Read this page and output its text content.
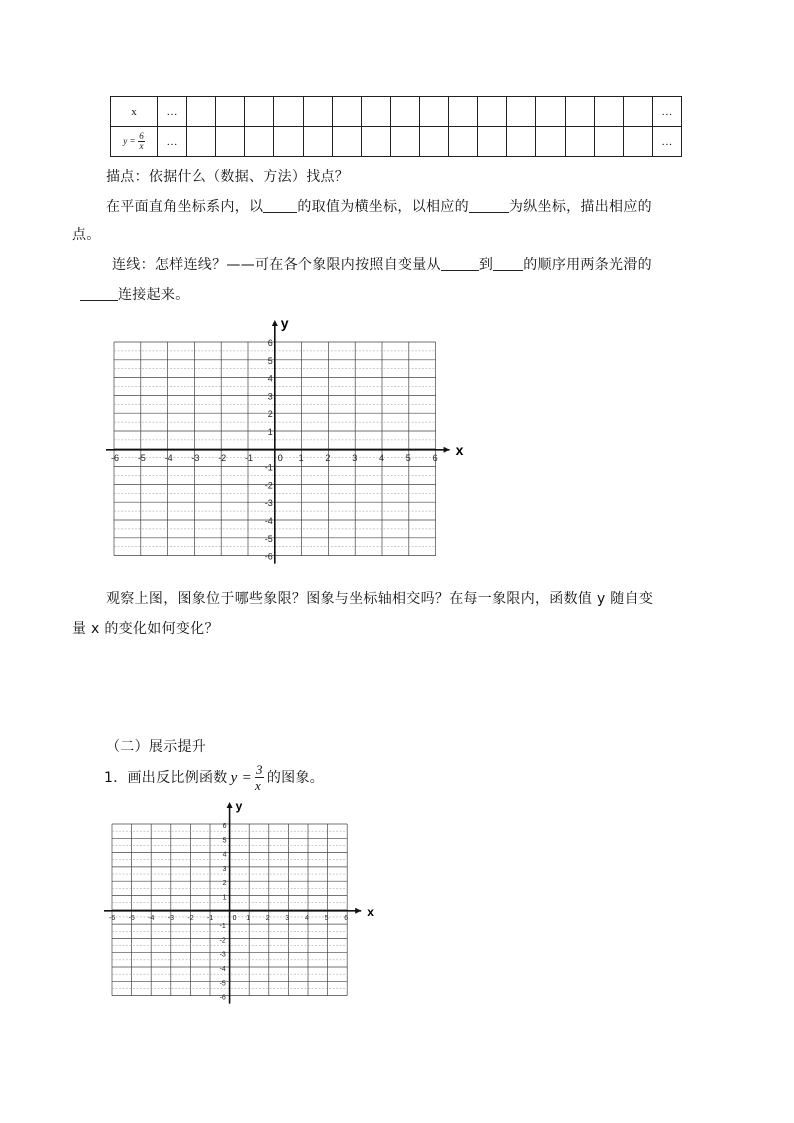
x	…																	…
$y = \frac{6}{x}$	…																	…
描点：依据什么（数据、方法）找点？
在平面直角坐标系内，以 的取值为横坐标，以相应的	为纵坐标，描出相应的
点。
连线：怎样连线？——可在各个象限内按照自变量从	到 的顺序用两条光滑的
连接起来。
x
y
0
-6
-6
-5
-5
-4
-4
-3
-3
-2
-2
-1
-1
1
1
2
2
3
3
4
4
5
5
6
6
观察上图，图象位于哪些象限？图象与坐标轴相交吗？在每一象限内，函数值 y 随自变
量 x 的变化如何变化？
（二）展示提升
1．画出反比例函数 $y = \frac{3}{x}$ 的图象。
x
y
0
-6
-6
-5
-5
-4
-4
-3
-3
-2
-2
-1
-1
1
1
2
2
3
3
4
4
5
5
6
6
